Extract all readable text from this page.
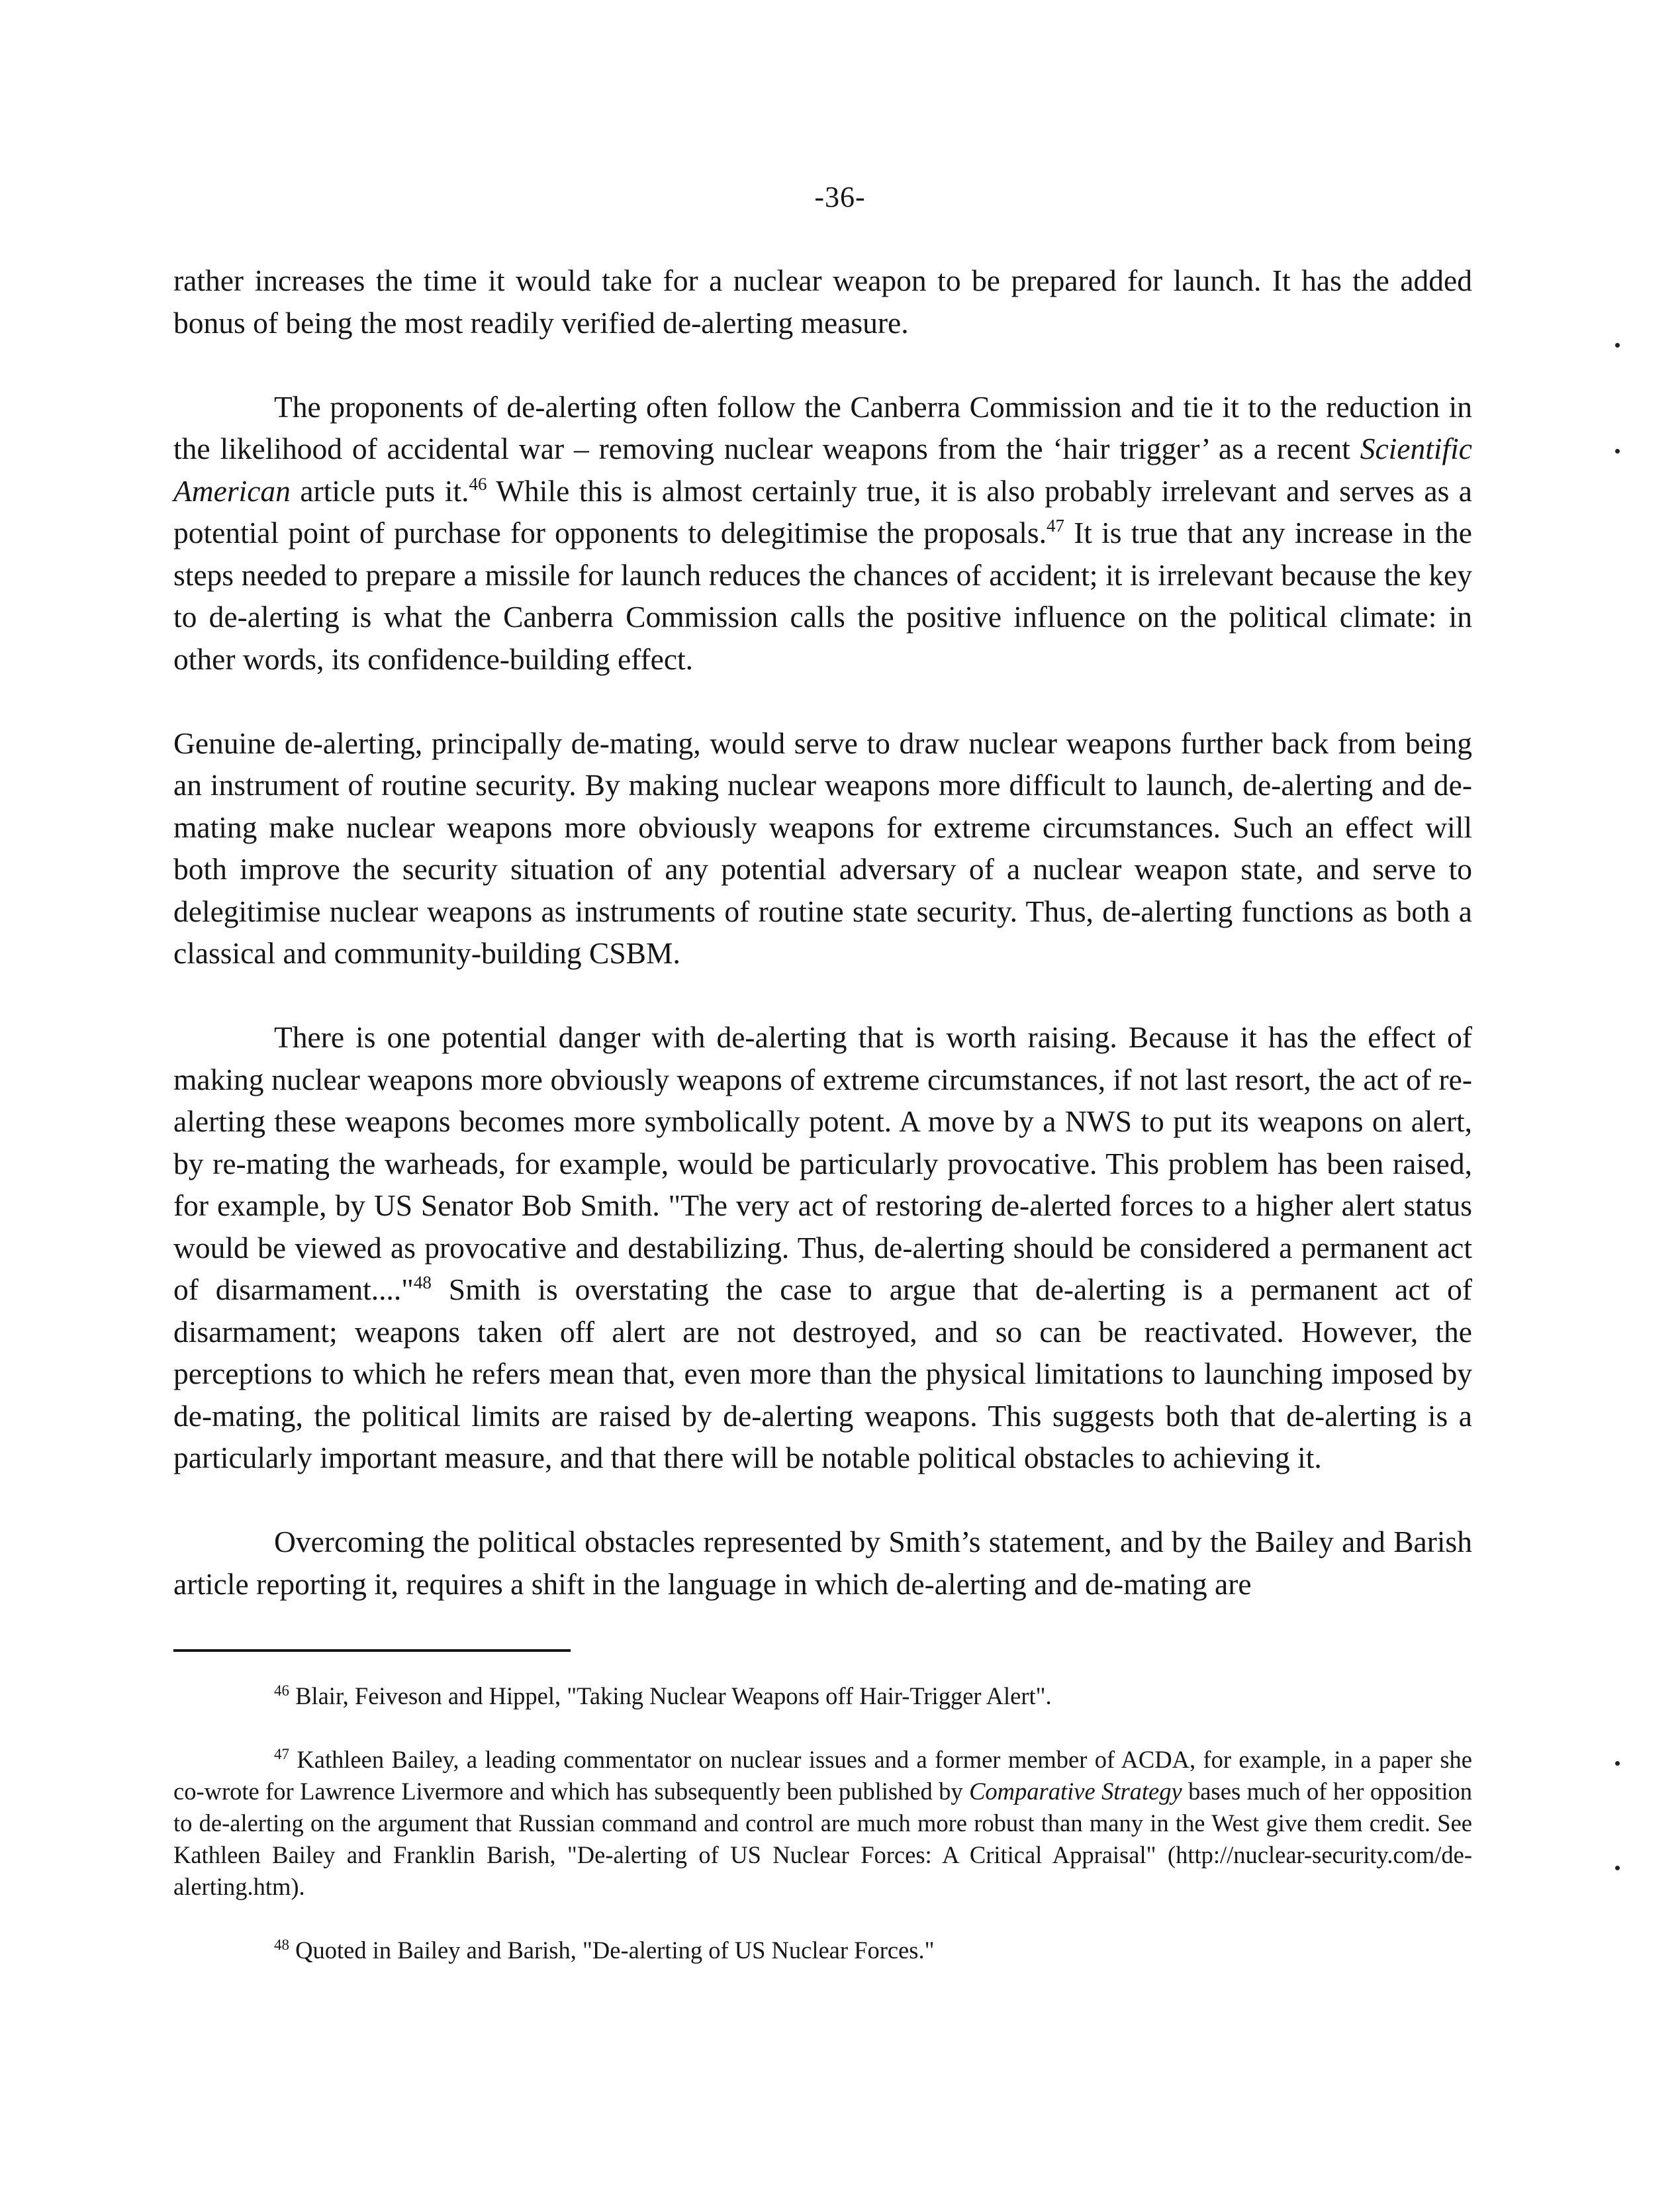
-36-

rather increases the time it would take for a nuclear weapon to be prepared for launch. It has the added bonus of being the most readily verified de-alerting measure.

The proponents of de-alerting often follow the Canberra Commission and tie it to the reduction in the likelihood of accidental war – removing nuclear weapons from the ‘hair trigger’ as a recent Scientific American article puts it.$^{46}$ While this is almost certainly true, it is also probably irrelevant and serves as a potential point of purchase for opponents to delegitimise the proposals.$^{47}$ It is true that any increase in the steps needed to prepare a missile for launch reduces the chances of accident; it is irrelevant because the key to de-alerting is what the Canberra Commission calls the positive influence on the political climate: in other words, its confidence-building effect.

Genuine de-alerting, principally de-mating, would serve to draw nuclear weapons further back from being an instrument of routine security. By making nuclear weapons more difficult to launch, de-alerting and de-mating make nuclear weapons more obviously weapons for extreme circumstances. Such an effect will both improve the security situation of any potential adversary of a nuclear weapon state, and serve to delegitimise nuclear weapons as instruments of routine state security. Thus, de-alerting functions as both a classical and community-building CSBM.

There is one potential danger with de-alerting that is worth raising. Because it has the effect of making nuclear weapons more obviously weapons of extreme circumstances, if not last resort, the act of re-alerting these weapons becomes more symbolically potent. A move by a NWS to put its weapons on alert, by re-mating the warheads, for example, would be particularly provocative. This problem has been raised, for example, by US Senator Bob Smith. "The very act of restoring de-alerted forces to a higher alert status would be viewed as provocative and destabilizing. Thus, de-alerting should be considered a permanent act of disarmament...."$^{48}$ Smith is overstating the case to argue that de-alerting is a permanent act of disarmament; weapons taken off alert are not destroyed, and so can be reactivated. However, the perceptions to which he refers mean that, even more than the physical limitations to launching imposed by de-mating, the political limits are raised by de-alerting weapons. This suggests both that de-alerting is a particularly important measure, and that there will be notable political obstacles to achieving it.

Overcoming the political obstacles represented by Smith’s statement, and by the Bailey and Barish article reporting it, requires a shift in the language in which de-alerting and de-mating are

$^{46}$ Blair, Feiveson and Hippel, "Taking Nuclear Weapons off Hair-Trigger Alert".

$^{47}$ Kathleen Bailey, a leading commentator on nuclear issues and a former member of ACDA, for example, in a paper she co-wrote for Lawrence Livermore and which has subsequently been published by Comparative Strategy bases much of her opposition to de-alerting on the argument that Russian command and control are much more robust than many in the West give them credit. See Kathleen Bailey and Franklin Barish, "De-alerting of US Nuclear Forces: A Critical Appraisal" (http://nuclear-security.com/de-alerting.htm).

$^{48}$ Quoted in Bailey and Barish, "De-alerting of US Nuclear Forces."
